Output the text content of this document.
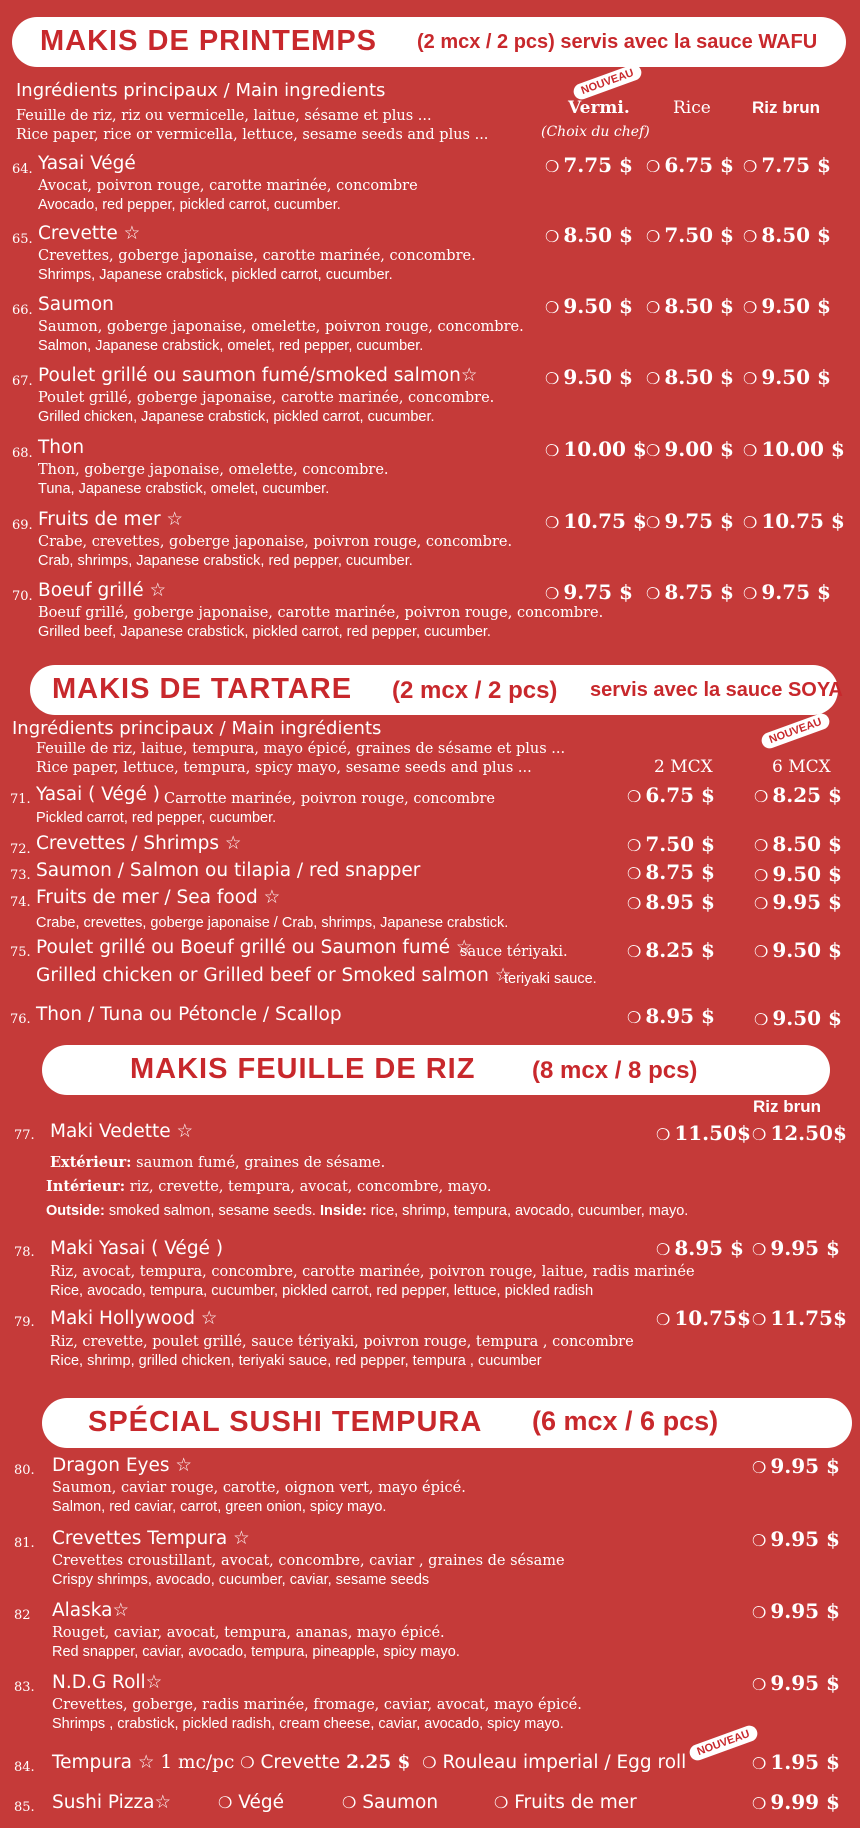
MAKIS DE PRINTEMPS (2 mcx / 2 pcs) servis avec la sauce WAFU
NOUVEAU
Ingrédients principaux / Main ingredients
Feuille de riz, riz ou vermicelle, laitue, sésame et plus ...
Rice paper, rice or vermicella, lettuce, sesame seeds and plus ...
Vermi.	Rice Riz brun
(Choix du chef)
64. Yasai Végé
Avocat, poivron rouge, carotte marinée, concombre
Avocado, red pepper, pickled carrot, cucumber.
❍ 7.75 $ ❍ 6.75 $ ❍ 7.75 $
65. Crevette ☆
Crevettes, goberge japonaise, carotte marinée, concombre.
Shrimps, Japanese crabstick, pickled carrot, cucumber.
❍ 8.50 $ ❍ 7.50 $ ❍ 8.50 $
66. Saumon
Saumon, goberge japonaise, omelette, poivron rouge, concombre.
Salmon, Japanese crabstick, omelet, red pepper, cucumber.
❍ 9.50 $ ❍ 8.50 $ ❍ 9.50 $
67. Poulet grillé ou saumon fumé/smoked salmon☆
Poulet grillé, goberge japonaise, carotte marinée, concombre.
Grilled chicken, Japanese crabstick, pickled carrot, cucumber.
❍ 9.50 $ ❍ 8.50 $ ❍ 9.50 $
68. Thon
Thon, goberge japonaise, omelette, concombre.
Tuna, Japanese crabstick, omelet, cucumber.
❍ 10.00 $ ❍ 9.00 $ ❍ 10.00 $
69. Fruits de mer ☆
Crabe, crevettes, goberge japonaise, poivron rouge, concombre.
Crab, shrimps, Japanese crabstick, red pepper, cucumber.
❍ 10.75 $ ❍ 9.75 $ ❍ 10.75 $
70. Boeuf grillé ☆
Boeuf grillé, goberge japonaise, carotte marinée, poivron rouge, concombre.
Grilled beef, Japanese crabstick, pickled carrot, red pepper, cucumber.
❍ 9.75 $ ❍ 8.75 $ ❍ 9.75 $
MAKIS DE TARTARE (2 mcx / 2 pcs) servis avec la sauce SOYA
NOUVEAU
Ingrédients principaux / Main ingrédients
Feuille de riz, laitue, tempura, mayo épicé, graines de sésame et plus ...
Rice paper, lettuce, tempura, spicy mayo, sesame seeds and plus ...	2 MCX	6 MCX
71. Yasai ( Végé ) Carrotte marinée, poivron rouge, concombre
Pickled carrot, red pepper, cucumber.
❍ 6.75 $ ❍ 8.25 $
72. Crevettes / Shrimps ☆	❍ 7.50 $ ❍ 8.50 $
73. Saumon / Salmon ou tilapia / red snapper	❍ 8.75 $ ❍ 9.50 $
74. Fruits de mer / Sea food ☆
Crabe, crevettes, goberge japonaise / Crab, shrimps, Japanese crabstick.
❍ 8.95 $ ❍ 9.95 $
75. Poulet grillé ou Boeuf grillé ou Saumon fumé ☆
sauce tériyaki.
Grilled chicken or Grilled beef or Smoked salmon ☆
teriyaki sauce.
❍ 8.25 $ ❍ 9.50 $
76. Thon / Tuna ou Pétoncle / Scallop	❍ 8.95 $ ❍ 9.50 $
MAKIS FEUILLE DE RIZ (8 mcx / 8 pcs)
Riz brun
77. Maki Vedette ☆
Extérieur: saumon fumé, graines de sésame.
Intérieur: riz, crevette, tempura, avocat, concombre, mayo.
Outside: smoked salmon, sesame seeds. Inside: rice, shrimp, tempura, avocado, cucumber, mayo.
❍ 11.50$ ❍ 12.50$
78. Maki Yasai ( Végé )
Riz, avocat, tempura, concombre, carotte marinée, poivron rouge, laitue, radis marinée
Rice, avocado, tempura, cucumber, pickled carrot, red pepper, lettuce, pickled radish
❍ 8.95 $ ❍ 9.95 $
79. Maki Hollywood ☆
Riz, crevette, poulet grillé, sauce tériyaki, poivron rouge, tempura , concombre
Rice, shrimp, grilled chicken, teriyaki sauce, red pepper, tempura , cucumber
❍ 10.75$ ❍ 11.75$
SPÉCIAL SUSHI TEMPURA (6 mcx / 6 pcs)
80. Dragon Eyes ☆
Saumon, caviar rouge, carotte, oignon vert, mayo épicé.
Salmon, red caviar, carrot, green onion, spicy mayo.
❍ 9.95 $
81. Crevettes Tempura ☆
Crevettes croustillant, avocat, concombre, caviar , graines de sésame
Crispy shrimps, avocado, cucumber, caviar, sesame seeds
❍ 9.95 $
82 Alaska☆
Rouget, caviar, avocat, tempura, ananas, mayo épicé.
Red snapper, caviar, avocado, tempura, pineapple, spicy mayo.
❍ 9.95 $
83. N.D.G Roll☆
Crevettes, goberge, radis marinée, fromage, caviar, avocat, mayo épicé.
Shrimps , crabstick, pickled radish, cream cheese, caviar, avocado, spicy mayo.
❍ 9.95 $
NOUVEAU
84. Tempura ☆ 1 mc/pc ❍ Crevette 2.25 $ ❍ Rouleau imperial / Egg roll	❍ 1.95 $
85. Sushi Pizza☆	❍ Végé	❍ Saumon	❍ Fruits de mer	❍ 9.99 $
